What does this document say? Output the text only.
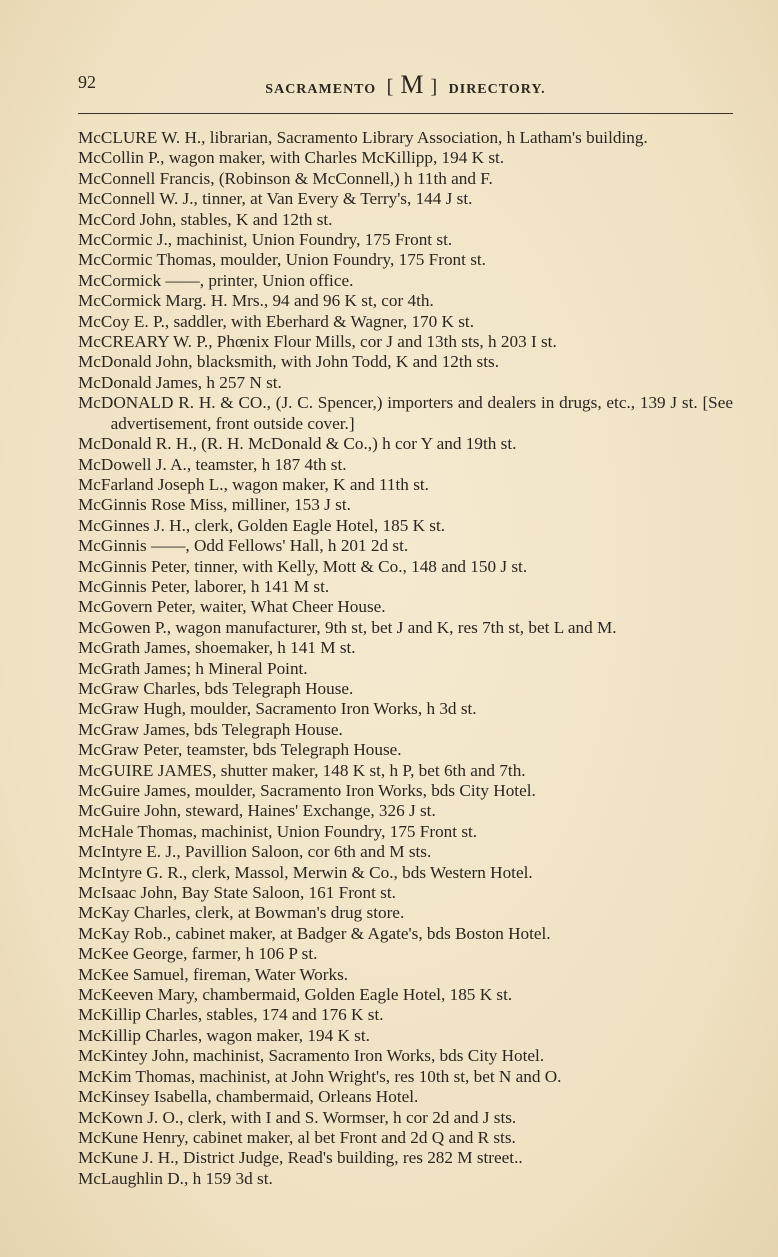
92	SACRAMENTO [ M ] DIRECTORY.

McCLURE W. H., librarian, Sacramento Library Association, h Latham's building.

McCollin P., wagon maker, with Charles McKillipp, 194 K st.

McConnell Francis, (Robinson & McConnell,) h 11th and F.

McConnell W. J., tinner, at Van Every & Terry's, 144 J st.

McCord John, stables, K and 12th st.

McCormic J., machinist, Union Foundry, 175 Front st.

McCormic Thomas, moulder, Union Foundry, 175 Front st.

McCormick ——, printer, Union office.

McCormick Marg. H. Mrs., 94 and 96 K st, cor 4th.

McCoy E. P., saddler, with Eberhard & Wagner, 170 K st.

McCREARY W. P., Phœnix Flour Mills, cor J and 13th sts, h 203 I st.

McDonald John, blacksmith, with John Todd, K and 12th sts.

McDonald James, h 257 N st.

McDONALD R. H. & CO., (J. C. Spencer,) importers and dealers in drugs, etc., 139 J st. [See advertisement, front outside cover.]

McDonald R. H., (R. H. McDonald & Co.,) h cor Y and 19th st.

McDowell J. A., teamster, h 187 4th st.

McFarland Joseph L., wagon maker, K and 11th st.

McGinnis Rose Miss, milliner, 153 J st.

McGinnes J. H., clerk, Golden Eagle Hotel, 185 K st.

McGinnis ——, Odd Fellows' Hall, h 201 2d st.

McGinnis Peter, tinner, with Kelly, Mott & Co., 148 and 150 J st.

McGinnis Peter, laborer, h 141 M st.

McGovern Peter, waiter, What Cheer House.

McGowen P., wagon manufacturer, 9th st, bet J and K, res 7th st, bet L and M.

McGrath James, shoemaker, h 141 M st.

McGrath James; h Mineral Point.

McGraw Charles, bds Telegraph House.

McGraw Hugh, moulder, Sacramento Iron Works, h 3d st.

McGraw James, bds Telegraph House.

McGraw Peter, teamster, bds Telegraph House.

McGUIRE JAMES, shutter maker, 148 K st, h P, bet 6th and 7th.

McGuire James, moulder, Sacramento Iron Works, bds City Hotel.

McGuire John, steward, Haines' Exchange, 326 J st.

McHale Thomas, machinist, Union Foundry, 175 Front st.

McIntyre E. J., Pavillion Saloon, cor 6th and M sts.

McIntyre G. R., clerk, Massol, Merwin & Co., bds Western Hotel.

McIsaac John, Bay State Saloon, 161 Front st.

McKay Charles, clerk, at Bowman's drug store.

McKay Rob., cabinet maker, at Badger & Agate's, bds Boston Hotel.

McKee George, farmer, h 106 P st.

McKee Samuel, fireman, Water Works.

McKeeven Mary, chambermaid, Golden Eagle Hotel, 185 K st.

McKillip Charles, stables, 174 and 176 K st.

McKillip Charles, wagon maker, 194 K st.

McKintey John, machinist, Sacramento Iron Works, bds City Hotel.

McKim Thomas, machinist, at John Wright's, res 10th st, bet N and O.

McKinsey Isabella, chambermaid, Orleans Hotel.

McKown J. O., clerk, with I and S. Wormser, h cor 2d and J sts.

McKune Henry, cabinet maker, al bet Front and 2d Q and R sts.

McKune J. H., District Judge, Read's building, res 282 M street..

McLaughlin D., h 159 3d st.
